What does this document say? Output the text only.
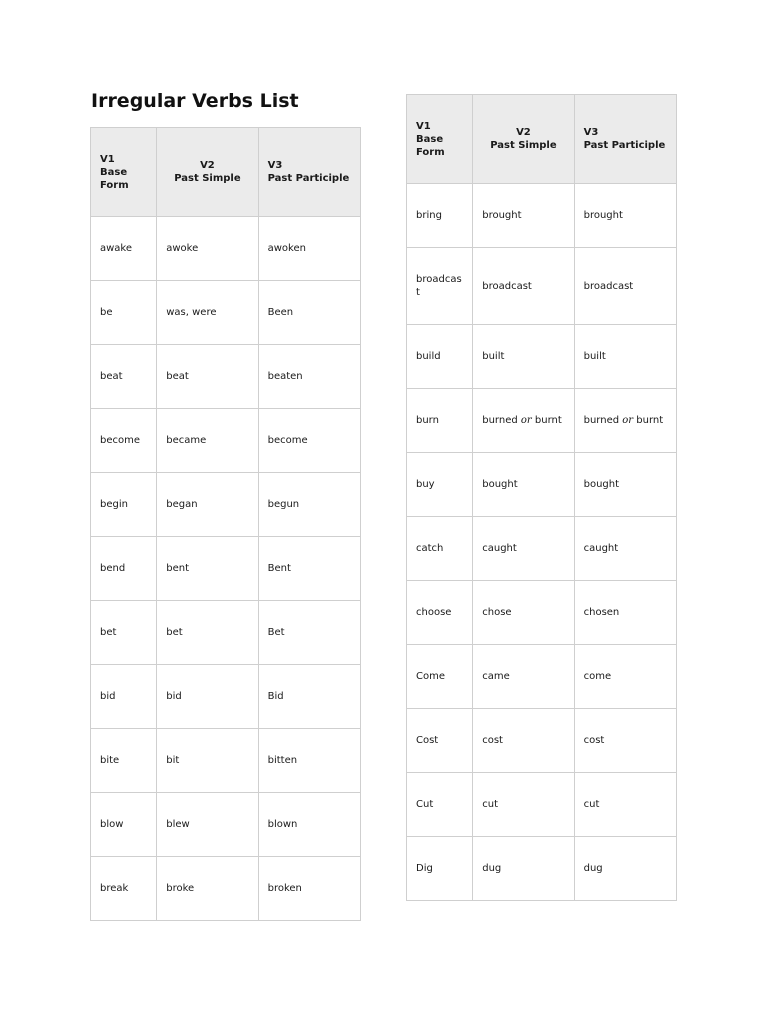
Irregular Verbs List
V1
Base
Form	V2
Past Simple	V3
Past Participle

awake	awoke	awoken
be	was, were	Been
beat	beat	beaten
become	became	become
begin	began	begun
bend	bent	Bent
bet	bet	Bet
bid	bid	Bid
bite	bit	bitten
blow	blew	blown
break	broke	broken
V1
Base
Form	V2
Past Simple	V3
Past Participle

bring	brought	brought
broadcast	broadcast	broadcast
build	built	built
burn	burned or burnt	burned or burnt
buy	bought	bought
catch	caught	caught
choose	chose	chosen
Come	came	come
Cost	cost	cost
Cut	cut	cut
Dig	dug	dug
